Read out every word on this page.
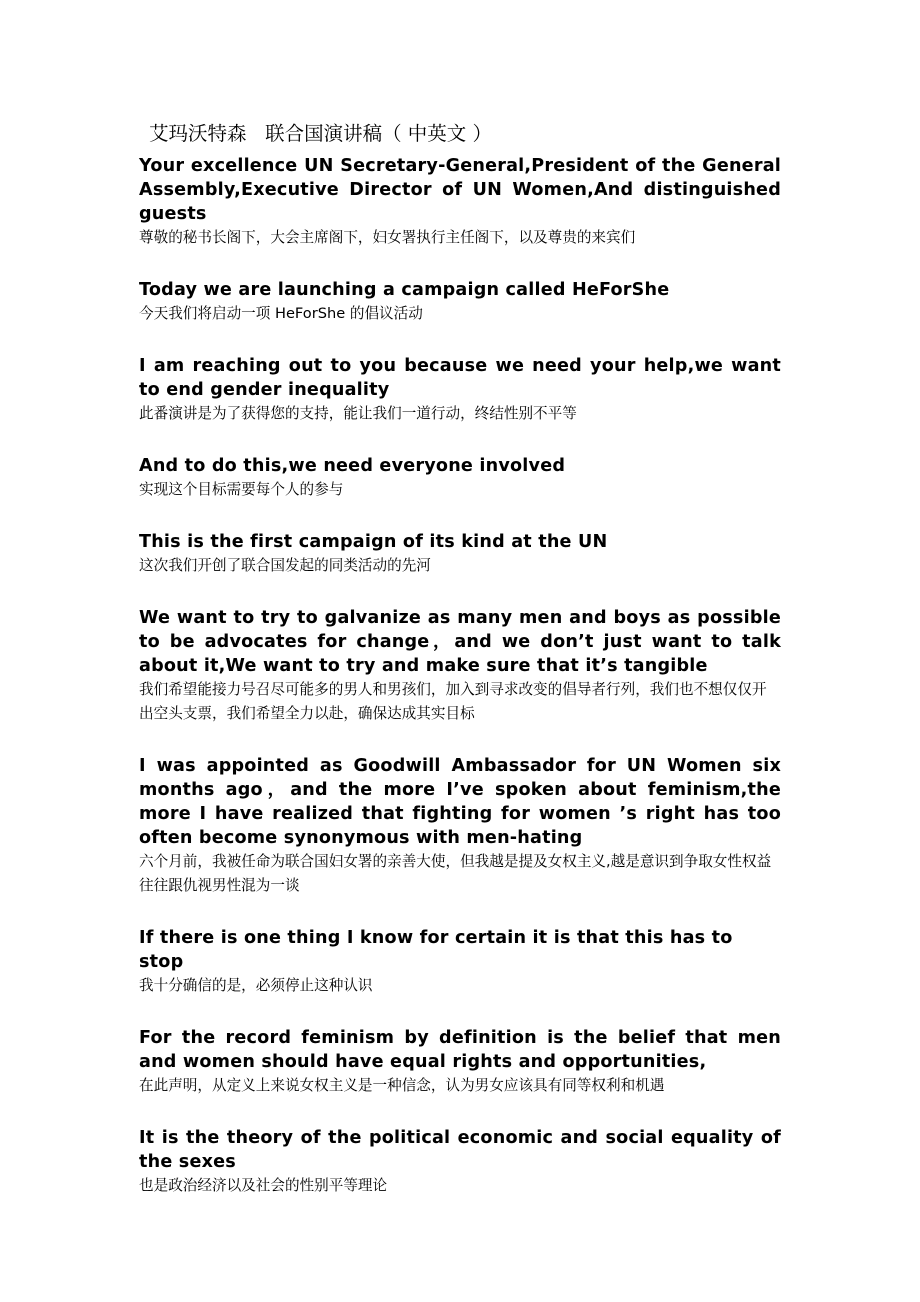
艾玛沃特森   联合国演讲稿（ 中英文 ）

Your excellence UN Secretary-General,President of the General Assembly,Executive Director of UN Women,And distinguished guests

尊敬的秘书长阁下，大会主席阁下，妇女署执行主任阁下，以及尊贵的来宾们

Today we are launching a campaign called HeForShe

今天我们将启动一项 HeForShe 的倡议活动

I am reaching out to you because we need your help,we want to end gender inequality

此番演讲是为了获得您的支持，能让我们一道行动，终结性别不平等

And to do this,we need everyone involved

实现这个目标需要每个人的参与

This is the first campaign of its kind at the UN

这次我们开创了联合国发起的同类活动的先河

We want to try to galvanize as many men and boys as possible to be advocates for change，and we don’t just want to talk about it,We want to try and make sure that it’s tangible

我们希望能接力号召尽可能多的男人和男孩们，加入到寻求改变的倡导者行列，我们也不想仅仅开出空头支票，我们希望全力以赴，确保达成其实目标

I was appointed as Goodwill Ambassador for UN Women six months ago，and the more I’ve spoken about feminism,the more I have realized that fighting for women ’s right has too often become synonymous with men-hating

六个月前，我被任命为联合国妇女署的亲善大使，但我越是提及女权主义,越是意识到争取女性权益往往跟仇视男性混为一谈

If there is one thing I know for certain it is that this has to stop

我十分确信的是，必须停止这种认识

For the record feminism by definition is the belief that men and women should have equal rights and opportunities,

在此声明，从定义上来说女权主义是一种信念，认为男女应该具有同等权利和机遇

It is the theory of the political economic and social equality of the sexes

也是政治经济以及社会的性别平等理论
